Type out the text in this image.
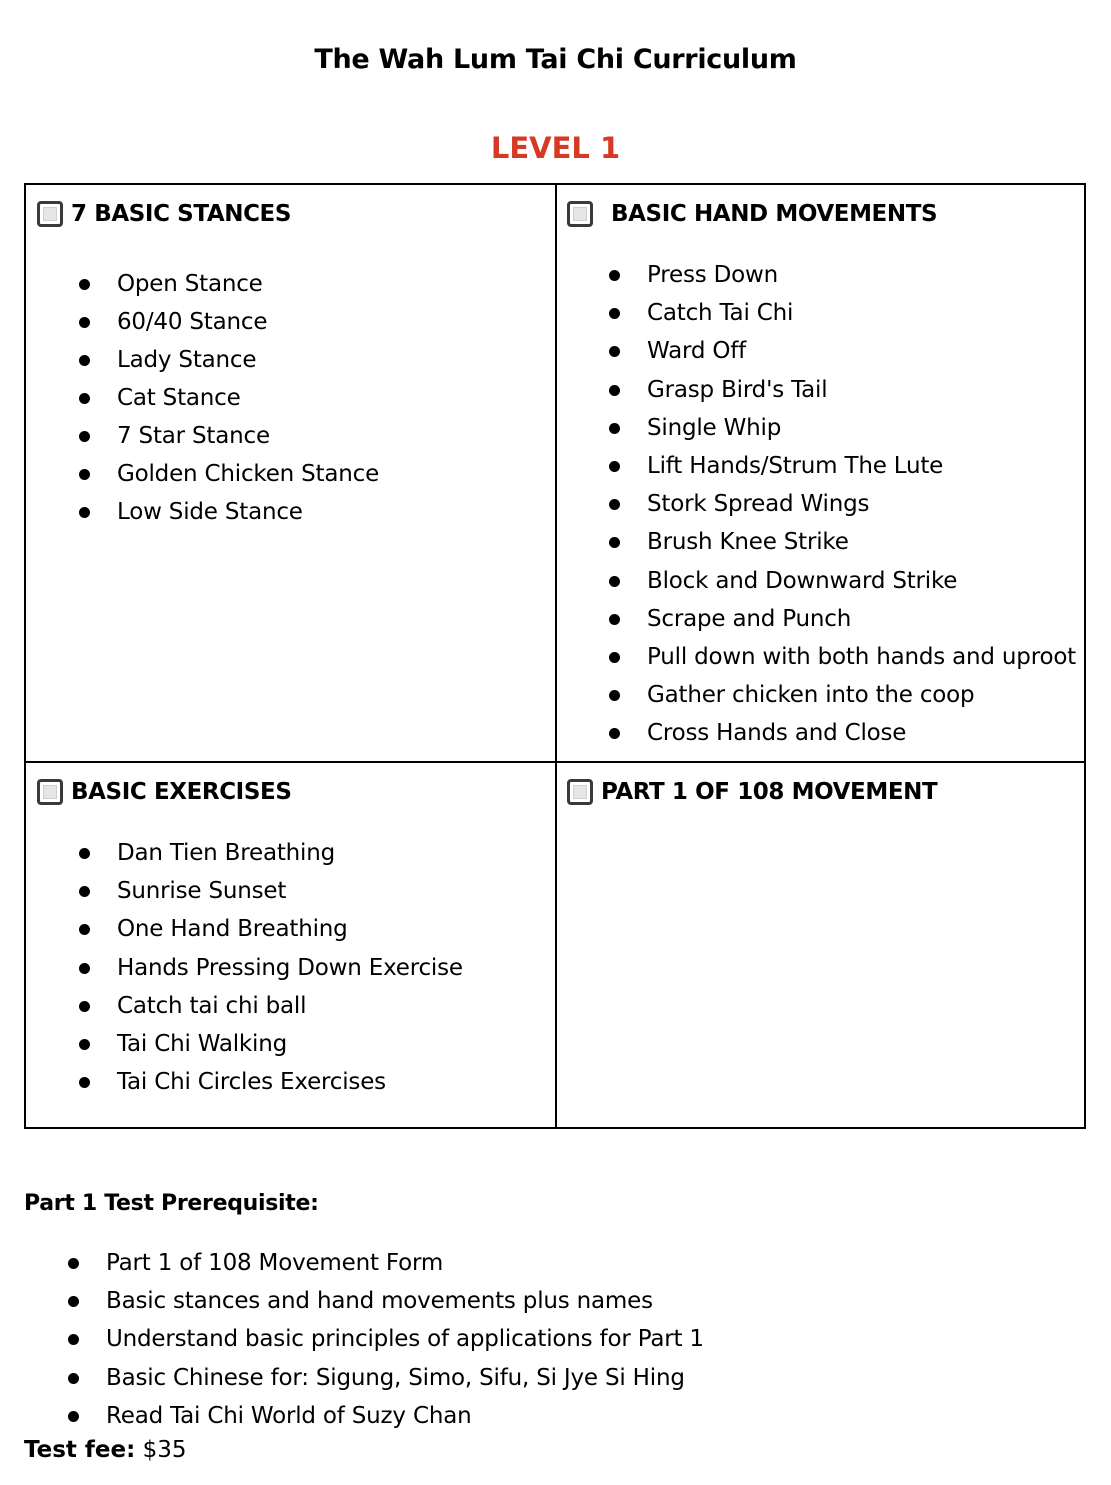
The Wah Lum Tai Chi Curriculum
LEVEL 1
7 BASIC STANCES
Open Stance
60/40 Stance
Lady Stance
Cat Stance
7 Star Stance
Golden Chicken Stance
Low Side Stance
BASIC HAND MOVEMENTS
Press Down
Catch Tai Chi
Ward Off
Grasp Bird's Tail
Single Whip
Lift Hands/Strum The Lute
Stork Spread Wings
Brush Knee Strike
Block and Downward Strike
Scrape and Punch
Pull down with both hands and uproot
Gather chicken into the coop
Cross Hands and Close
BASIC EXERCISES
Dan Tien Breathing
Sunrise Sunset
One Hand Breathing
Hands Pressing Down Exercise
Catch tai chi ball
Tai Chi Walking
Tai Chi Circles Exercises
PART 1 OF 108 MOVEMENT
Part 1 Test Prerequisite:
Part 1 of 108 Movement Form
Basic stances and hand movements plus names
Understand basic principles of applications for Part 1
Basic Chinese for: Sigung, Simo, Sifu, Si Jye Si Hing
Read Tai Chi World of Suzy Chan
Test fee: $35
